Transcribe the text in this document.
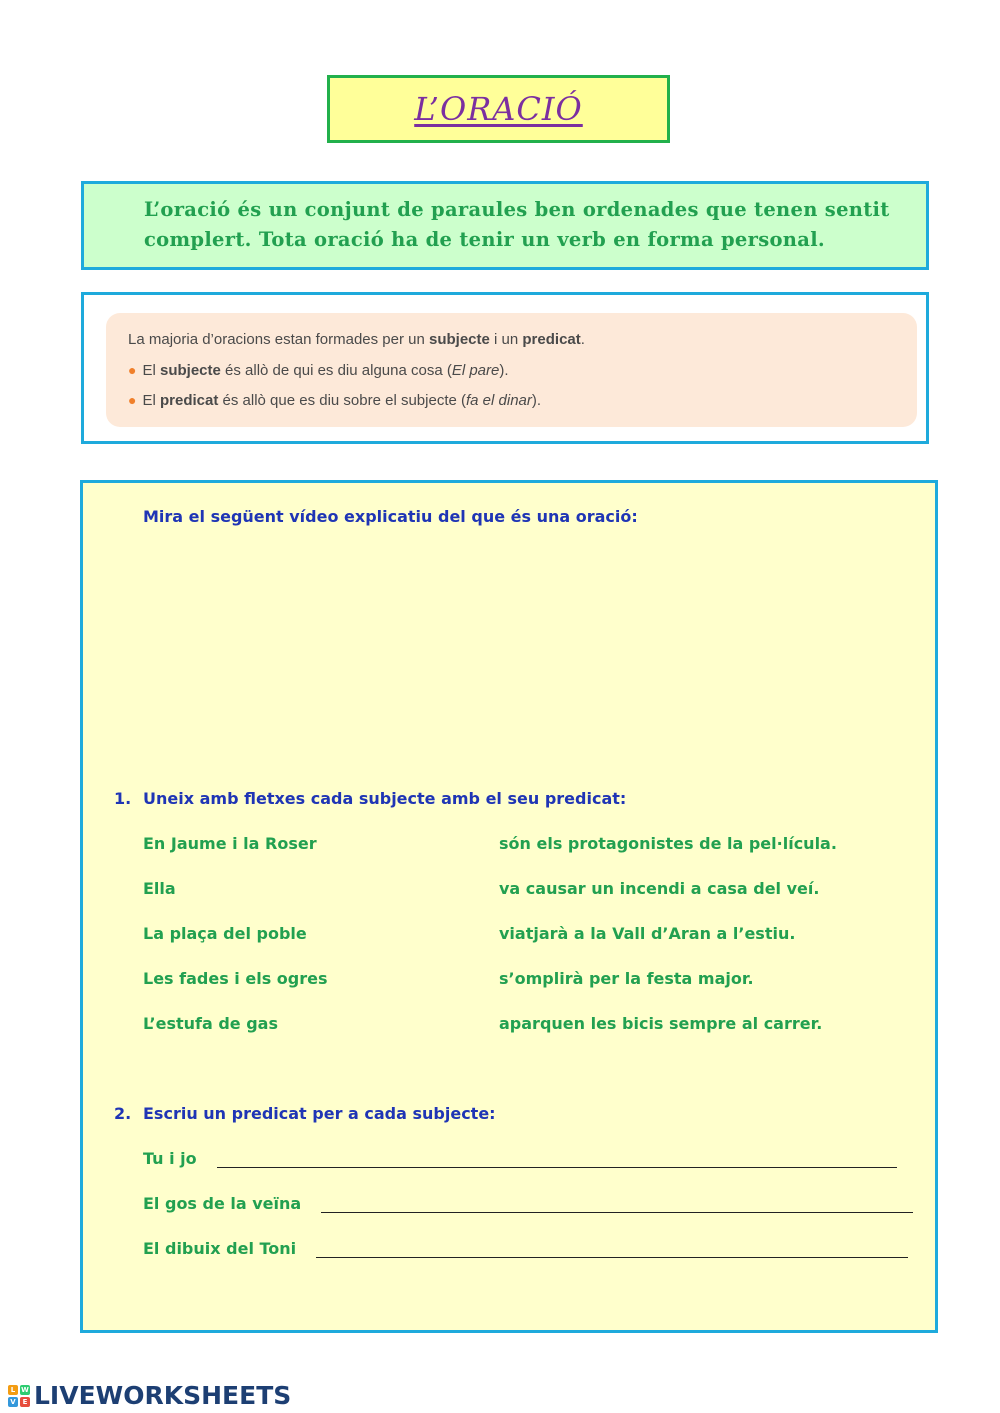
L’ORACIÓ

L’oració és un conjunt de paraules ben ordenades que tenen sentit complert. Tota oració ha de tenir un verb en forma personal.

La majoria d’oracions estan formades per un subjecte i un predicat.
● El subjecte és allò de qui es diu alguna cosa (El pare).
● El predicat és allò que es diu sobre el subjecte (fa el dinar).
Mira el següent vídeo explicatiu del que és una oració:
1. Uneix amb fletxes cada subjecte amb el seu predicat:
En Jaume i la Roser
Ella
La plaça del poble
Les fades i els ogres
L’estufa de gas
són els protagonistes de la pel·lícula.
va causar un incendi a casa del veí.
viatjarà a la Vall d’Aran a l’estiu.
s’omplirà per la festa major.
aparquen les bicis sempre al carrer.
2. Escriu un predicat per a cada subjecte:
Tu i jo
El gos de la veïna
El dibuix del Toni
L W
V E LIVEWORKSHEETS
